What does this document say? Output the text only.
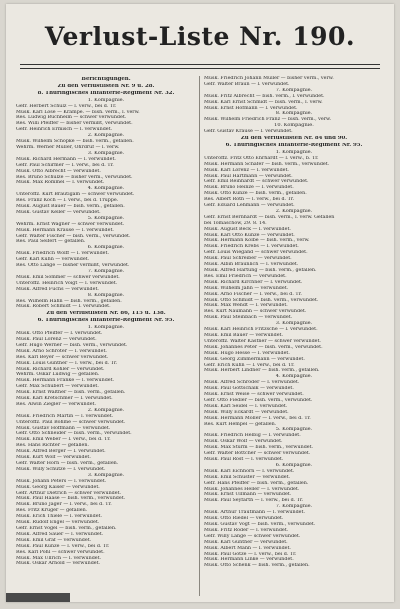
Verlust-Liste Nr. 190.
Berichtigungen.
Zu den Verlustlisten Nr. 9 u. 28.
8. Thüringisches Infanterie-Regiment Nr. 32.
1. Kompagnie.
Gefr. Herbert Schulz — l. verw., bei d. Tr.
Musk. Karl Lose — Krampe. — bish. verm., l. verw.
Res. Ludwig Buchheim — schwer verwundet.
Res. Willi Pfeiffer — bisher vermißt, verwundet.
Gefr. Heinrich Ermisch — l. verwundet.
2. Kompagnie.
Musk. Wilhelm Schöpke — bish. verm., gefallen.
Wehrm. Werner Müller, Ohrdruf — l. verw.
3. Kompagnie.
Musk. Richard Hermann — l. verwundet.
Gefr. Paul Schirmer — l. verw., bei d. Tr.
Musk. Otto Albrecht — verwundet.
Res. Bruno Schulze — bisher verm., verwundet.
Musk. Max Rommel — l. verwundet.
4. Kompagnie.
Unteroffz. Kurt Bräutigam — schwer verwundet.
Res. Franz Koch — l. verw., bei d. Truppe.
Musk. August Bauer — bish. verm., gefallen.
Musk. Gustav Keller — verwundet.
5. Kompagnie.
Wehrm. Ernst Wagner — schwer verwundet.
Musk. Hermann Krause — l. verwundet.
Gefr. Walter Fischer — bish. verm., verwundet.
Res. Paul Seifert — gefallen.
6. Kompagnie.
Musk. Friedrich Wolff — l. verwundet.
Gefr. Karl Kühn — verwundet.
Res. Otto Lange — bisher vermißt, verwundet.
7. Kompagnie.
Musk. Emil Sommer — schwer verwundet.
Unteroffz. Heinrich Voigt — l. verwundet.
Musk. Alfred Fuchs — verwundet.
8. Kompagnie.
Res. Wilhelm Hahn — bish. verm., gefallen.
Musk. Robert Schmidt — l. verwundet.
Zu den Verlustlisten Nr. 86, 115 u. 138.
6. Thüringisches Infanterie-Regiment Nr. 95.
1. Kompagnie.
Musk. Otto Pfeiffer — l. verwundet.
Musk. Paul Lorenz — verwundet.
Gefr. Hugo Werner — bish. verm., verwundet.
Musk. Arno Schröter — l. verwundet.
Res. Karl Beyer — schwer verwundet.
Musk. Louis Günther — l. verw., bei d. Tr.
Musk. Richard Köhler — verwundet.
Wehrm. Oskar Ludwig — gefallen.
Musk. Hermann Franke — l. verwundet.
Gefr. Max Schubert — verwundet.
Musk. Ernst Walther — bish. verm., gefallen.
Musk. Karl Kretschmer — l. verwundet.
Res. Alwin Ziegler — verwundet.
2. Kompagnie.
Musk. Friedrich Martin — l. verwundet.
Unteroffz. Paul Böhme — schwer verwundet.
Musk. Gustav Hoffmann — verwundet.
Gefr. Otto Schneider — bish. verm., verwundet.
Musk. Emil Weber — l. verw., bei d. Tr.
Res. Hans Richter — gefallen.
Musk. Alfred Berger — l. verwundet.
Musk. Kurt Wolf — verwundet.
Gefr. Walter Horn — bish. verm., gefallen.
Musk. Willy Schütze — l. verwundet.
3. Kompagnie.
Musk. Johann Peters — l. verwundet.
Musk. Georg Kaiser — verwundet.
Gefr. Arthur Dietrich — schwer verwundet.
Musk. Paul Haase — bish. verm., verwundet.
Musk. Bruno Jäger — l. verw., bei d. Tr.
Res. Fritz Krüger — gefallen.
Musk. Erich Thiele — l. verwundet.
Musk. Rudolf Engel — verwundet.
Gefr. Ernst Vogel — bish. verm., gefallen.
Musk. Alfred Sauer — l. verwundet.
Musk. Emil Graf — verwundet.
Musk. Paul Kunze — l. verw., bei d. Tr.
Res. Karl Pohl — schwer verwundet.
Musk. Max Ullrich — l. verwundet.
Musk. Oskar Arnold — verwundet.
Musk. Friedrich Johann Müller — bisher verm., verw.
Gefr. Walter Braun — l. verwundet.
7. Kompagnie.
Musk. Fritz Albrecht — bish. verm., l. verwundet.
Musk. Karl Ernst Schmidt — bish. verm., l. verw.
Musk. Ernst Hofmann — l. verwundet.
8. Kompagnie.
Musk. Wilhelm Friedrich Franz — bish. verm., verw.
10. Kompagnie.
Gefr. Gustav Krause — l. verwundet.
Zu den Verlustlisten Nr. 84 und 90.
6. Thüringisches Infanterie-Regiment Nr. 95.
1. Kompagnie.
Unteroffz. Fritz Otto Ehrhardt — l. verw., b. Tr.
Musk. Hermann Schäfer — bish. verm., verwundet.
Musk. Karl Lorenz — l. verwundet.
Musk. Paul Hartmann — verwundet.
Gefr. Emil Reinhardt — schwer verwundet.
Musk. Bruno Heinze — l. verwundet.
Musk. Otto Kunze — bish. verm., gefallen.
Res. Albert Roth — l. verw., bei d. Tr.
Gefr. Eduard Lehmann — verwundet.
2. Kompagnie.
Gefr. Ernst Bernhardt — bish. verm., l. verw. Gefallen
bei Tomaschow, 29. 8. 14.
Musk. August Beck — l. verwundet.
Musk. Karl Otto Kunze — verwundet.
Musk. Hermann Kolbe — bish. verm., verw.
Musk. Friedrich Krebs — l. verwundet.
Gefr. Louis Wiegand — schwer verwundet.
Musk. Paul Schreiber — verwundet.
Musk. Albin Bräunlich — l. verwundet.
Musk. Alfred Hartung — bish. verm., gefallen.
Res. Emil Friedrich — verwundet.
Musk. Richard Kirchner — l. verwundet.
Musk. Wilhelm Jahn — verwundet.
Musk. Arno Fischer — l. verw., bei d. Tr.
Musk. Otto Schmidt — bish. verm., verwundet.
Musk. Max Wendt — l. verwundet.
Res. Kurt Naumann — schwer verwundet.
Musk. Paul Steinbach — verwundet.
3. Kompagnie.
Musk. Karl Heinrich Fritzsche — l. verwundet.
Musk. Emil Bauer — verwundet.
Unteroffz. Walter Kästner — schwer verwundet.
Musk. Johannes Peter — bish. verm., verwundet.
Musk. Hugo Hesse — l. verwundet.
Musk. Georg Zimmermann — verwundet.
Gefr. Erich Kuhn — l. verw., bei d. Tr.
Musk. Herbert Lindner — bish. verm., gefallen.
4. Kompagnie.
Musk. Alfred Schröder — l. verwundet.
Musk. Paul Gottschalk — verwundet.
Musk. Ernst Weise — schwer verwundet.
Gefr. Otto Fiedler — bish. verm., verwundet.
Musk. Karl Seidel — l. verwundet.
Musk. Willy Eckardt — verwundet.
Musk. Hermann Möller — l. verw., bei d. Tr.
Res. Kurt Hempel — gefallen.
5. Kompagnie.
Musk. Friedrich Helbig — l. verwundet.
Musk. Oskar Wolf — verwundet.
Musk. Max Sturm — bish. verm., verwundet.
Gefr. Walter Böttcher — schwer verwundet.
Musk. Paul Rost — l. verwundet.
6. Kompagnie.
Musk. Karl Eichhorn — l. verwundet.
Musk. Emil Schuster — verwundet.
Gefr. Hans Pfeiffer — bish. verm., gefallen.
Musk. Johannes Heller — l. verwundet.
Musk. Ernst Ullmann — verwundet.
Musk. Paul Seyfarth — l. verw., bei d. Tr.
7. Kompagnie.
Musk. Arthur Trautmann — l. verwundet.
Musk. Otto Riedel — verwundet.
Musk. Gustav Vogt — bish. verm., verwundet.
Musk. Fritz Röder — l. verwundet.
Gefr. Willy Lange — schwer verwundet.
Musk. Karl Günther — verwundet.
Musk. Albert Mann — l. verwundet.
Musk. Paul Götze — l. verw., bei d. Tr.
Musk. Hermann Linke — verwundet.
Musk. Otto Schenk — bish. verm., gefallen.
